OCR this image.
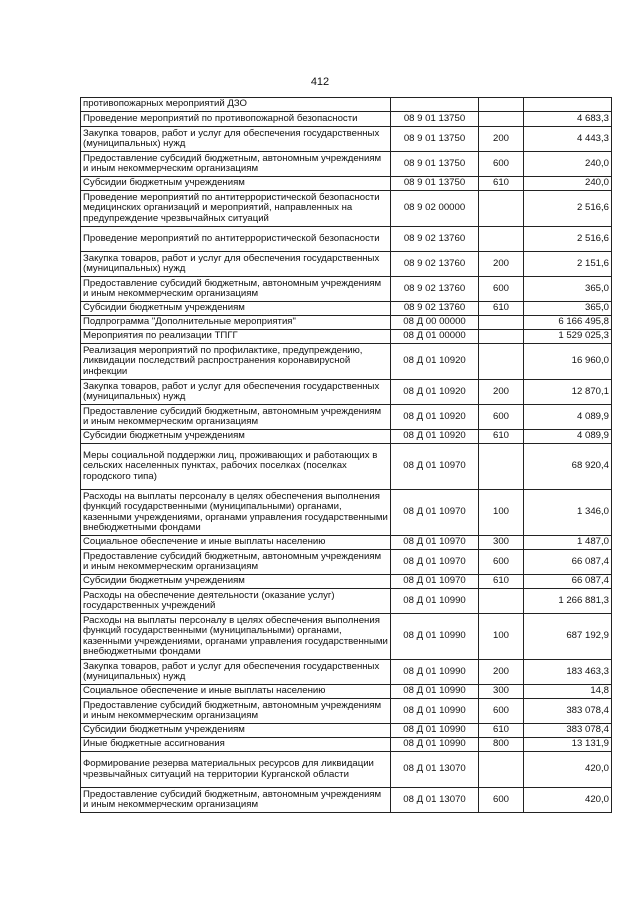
412
противопожарных мероприятий ДЗО			
Проведение мероприятий по противопожарной безопасности	08 9 01 13750		4 683,3
Закупка товаров, работ и услуг для обеспечения государственных (муниципальных) нужд	08 9 01 13750	200	4 443,3
Предоставление субсидий бюджетным, автономным учреждениям и иным некоммерческим организациям	08 9 01 13750	600	240,0
Субсидии бюджетным учреждениям	08 9 01 13750	610	240,0
Проведение мероприятий по антитеррористической безопасности медицинских организаций и мероприятий, направленных на предупреждение чрезвычайных ситуаций	08 9 02 00000		2 516,6
Проведение мероприятий по антитеррористической безопасности	08 9 02 13760		2 516,6
Закупка товаров, работ и услуг для обеспечения государственных (муниципальных) нужд	08 9 02 13760	200	2 151,6
Предоставление субсидий бюджетным, автономным учреждениям и иным некоммерческим организациям	08 9 02 13760	600	365,0
Субсидии бюджетным учреждениям	08 9 02 13760	610	365,0
Подпрограмма "Дополнительные мероприятия"	08 Д 00 00000		6 166 495,8
Мероприятия по реализации ТПГГ	08 Д 01 00000		1 529 025,3
Реализация мероприятий по профилактике, предупреждению, ликвидации последствий распространения коронавирусной инфекции	08 Д 01 10920		16 960,0
Закупка товаров, работ и услуг для обеспечения государственных (муниципальных) нужд	08 Д 01 10920	200	12 870,1
Предоставление субсидий бюджетным, автономным учреждениям и иным некоммерческим организациям	08 Д 01 10920	600	4 089,9
Субсидии бюджетным учреждениям	08 Д 01 10920	610	4 089,9
Меры социальной поддержки лиц, проживающих и работающих в сельских населенных пунктах, рабочих поселках (поселках городского типа)	08 Д 01 10970		68 920,4
Расходы на выплаты персоналу в целях обеспечения выполнения функций государственными (муниципальными) органами, казенными учреждениями, органами управления государственными внебюджетными фондами	08 Д 01 10970	100	1 346,0
Социальное обеспечение и иные выплаты населению	08 Д 01 10970	300	1 487,0
Предоставление субсидий бюджетным, автономным учреждениям и иным некоммерческим организациям	08 Д 01 10970	600	66 087,4
Субсидии бюджетным учреждениям	08 Д 01 10970	610	66 087,4
Расходы на обеспечение деятельности (оказание услуг) государственных учреждений	08 Д 01 10990		1 266 881,3
Расходы на выплаты персоналу в целях обеспечения выполнения функций государственными (муниципальными) органами, казенными учреждениями, органами управления государственными внебюджетными фондами	08 Д 01 10990	100	687 192,9
Закупка товаров, работ и услуг для обеспечения государственных (муниципальных) нужд	08 Д 01 10990	200	183 463,3
Социальное обеспечение и иные выплаты населению	08 Д 01 10990	300	14,8
Предоставление субсидий бюджетным, автономным учреждениям и иным некоммерческим организациям	08 Д 01 10990	600	383 078,4
Субсидии бюджетным учреждениям	08 Д 01 10990	610	383 078,4
Иные бюджетные ассигнования	08 Д 01 10990	800	13 131,9
Формирование резерва материальных ресурсов для ликвидации чрезвычайных ситуаций на территории Курганской области	08 Д 01 13070		420,0
Предоставление субсидий бюджетным, автономным учреждениям и иным некоммерческим организациям	08 Д 01 13070	600	420,0
